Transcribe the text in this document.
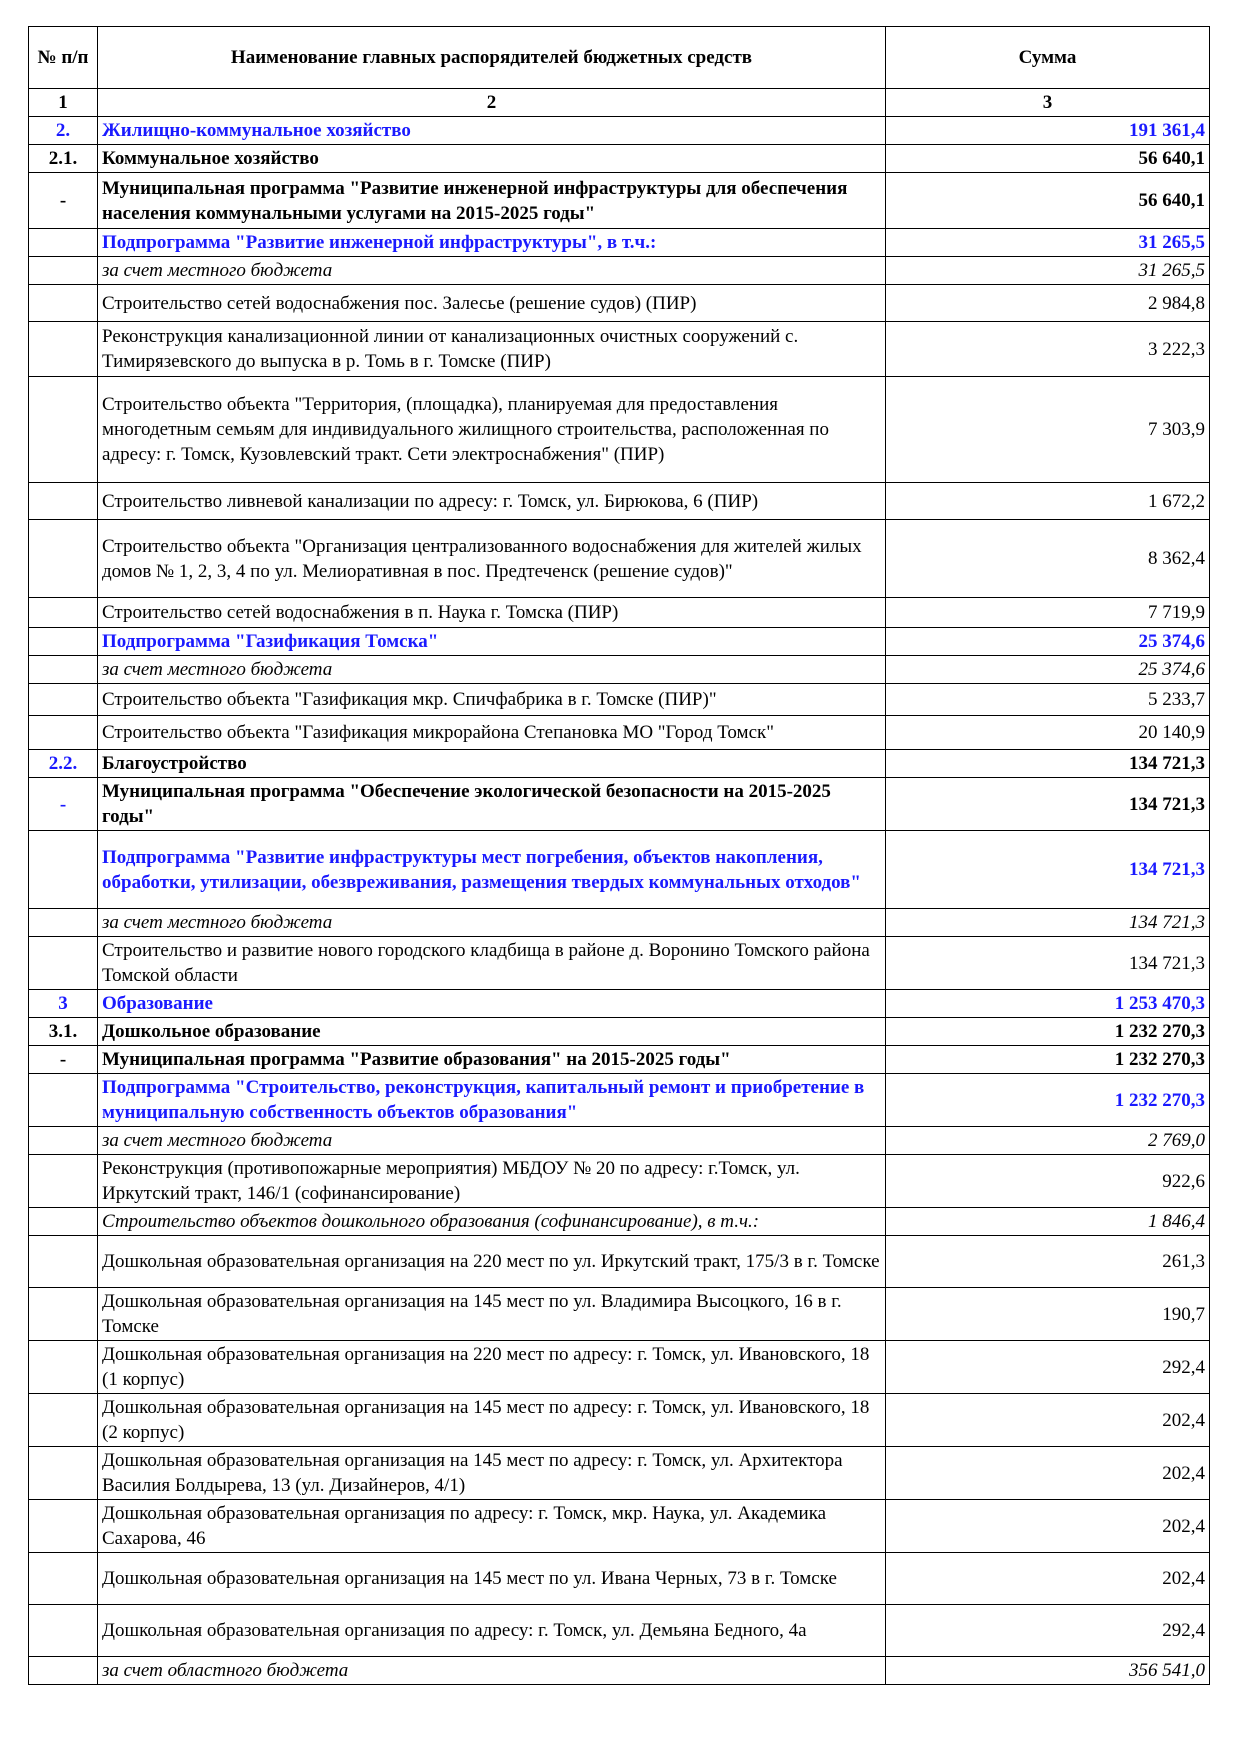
№ п/п	Наименование главных распорядителей бюджетных средств	Сумма
1	2	3
2.	Жилищно-коммунальное хозяйство	191 361,4
2.1.	Коммунальное хозяйство	56 640,1
-	Муниципальная программа "Развитие инженерной инфраструктуры для обеспечения населения коммунальными услугами на 2015-2025 годы"	56 640,1
	Подпрограмма "Развитие инженерной инфраструктуры", в т.ч.:	31 265,5
	за счет местного бюджета	31 265,5
	Строительство сетей водоснабжения пос. Залесье (решение судов) (ПИР)	2 984,8
	Реконструкция канализационной линии от канализационных очистных сооружений с. Тимирязевского до выпуска в р. Томь в г. Томске (ПИР)	3 222,3
	Строительство объекта "Территория, (площадка), планируемая для предоставления многодетным семьям для индивидуального жилищного строительства, расположенная по адресу: г. Томск, Кузовлевский тракт. Сети электроснабжения" (ПИР)	7 303,9
	Строительство ливневой канализации по адресу: г. Томск, ул. Бирюкова, 6 (ПИР)	1 672,2
	Строительство объекта "Организация централизованного водоснабжения для жителей жилых домов № 1, 2, 3, 4 по ул. Мелиоративная в пос. Предтеченск (решение судов)"	8 362,4
	Строительство сетей водоснабжения в п. Наука г. Томска (ПИР)	7 719,9
	Подпрограмма "Газификация Томска"	25 374,6
	за счет местного бюджета	25 374,6
	Строительство объекта "Газификация мкр. Спичфабрика в г. Томске (ПИР)"	5 233,7
	Строительство объекта "Газификация микрорайона Степановка МО "Город Томск"	20 140,9
2.2.	Благоустройство	134 721,3
-	Муниципальная программа "Обеспечение экологической безопасности на 2015-2025 годы"	134 721,3
	Подпрограмма "Развитие инфраструктуры мест погребения, объектов накопления, обработки, утилизации, обезвреживания, размещения твердых коммунальных отходов"	134 721,3
	за счет местного бюджета	134 721,3
	Строительство и развитие нового городского кладбища в районе д. Воронино Томского района Томской области	134 721,3
3	Образование	1 253 470,3
3.1.	Дошкольное образование	1 232 270,3
-	Муниципальная программа "Развитие образования" на 2015-2025 годы"	1 232 270,3
	Подпрограмма "Строительство, реконструкция, капитальный ремонт и приобретение в муниципальную собственность объектов образования"	1 232 270,3
	за счет местного бюджета	2 769,0
	Реконструкция (противопожарные мероприятия) МБДОУ № 20 по адресу: г.Томск, ул. Иркутский тракт, 146/1 (софинансирование)	922,6
	Строительство объектов дошкольного образования (софинансирование), в т.ч.:	1 846,4
	Дошкольная образовательная организация на 220 мест по ул. Иркутский тракт, 175/3 в г. Томске	261,3
	Дошкольная образовательная организация на 145 мест по ул. Владимира Высоцкого, 16 в г. Томске	190,7
	Дошкольная образовательная организация на 220 мест по адресу: г. Томск, ул. Ивановского, 18 (1 корпус)	292,4
	Дошкольная образовательная организация на 145 мест по адресу: г. Томск, ул. Ивановского, 18 (2 корпус)	202,4
	Дошкольная образовательная организация на 145 мест по адресу: г. Томск, ул. Архитектора Василия Болдырева, 13 (ул. Дизайнеров, 4/1)	202,4
	Дошкольная образовательная организация по адресу: г. Томск, мкр. Наука, ул. Академика Сахарова, 46	202,4
	Дошкольная образовательная организация на 145 мест по ул. Ивана Черных, 73 в г. Томске	202,4
	Дошкольная образовательная организация по адресу: г. Томск, ул. Демьяна Бедного, 4а	292,4
	за счет областного бюджета	356 541,0
